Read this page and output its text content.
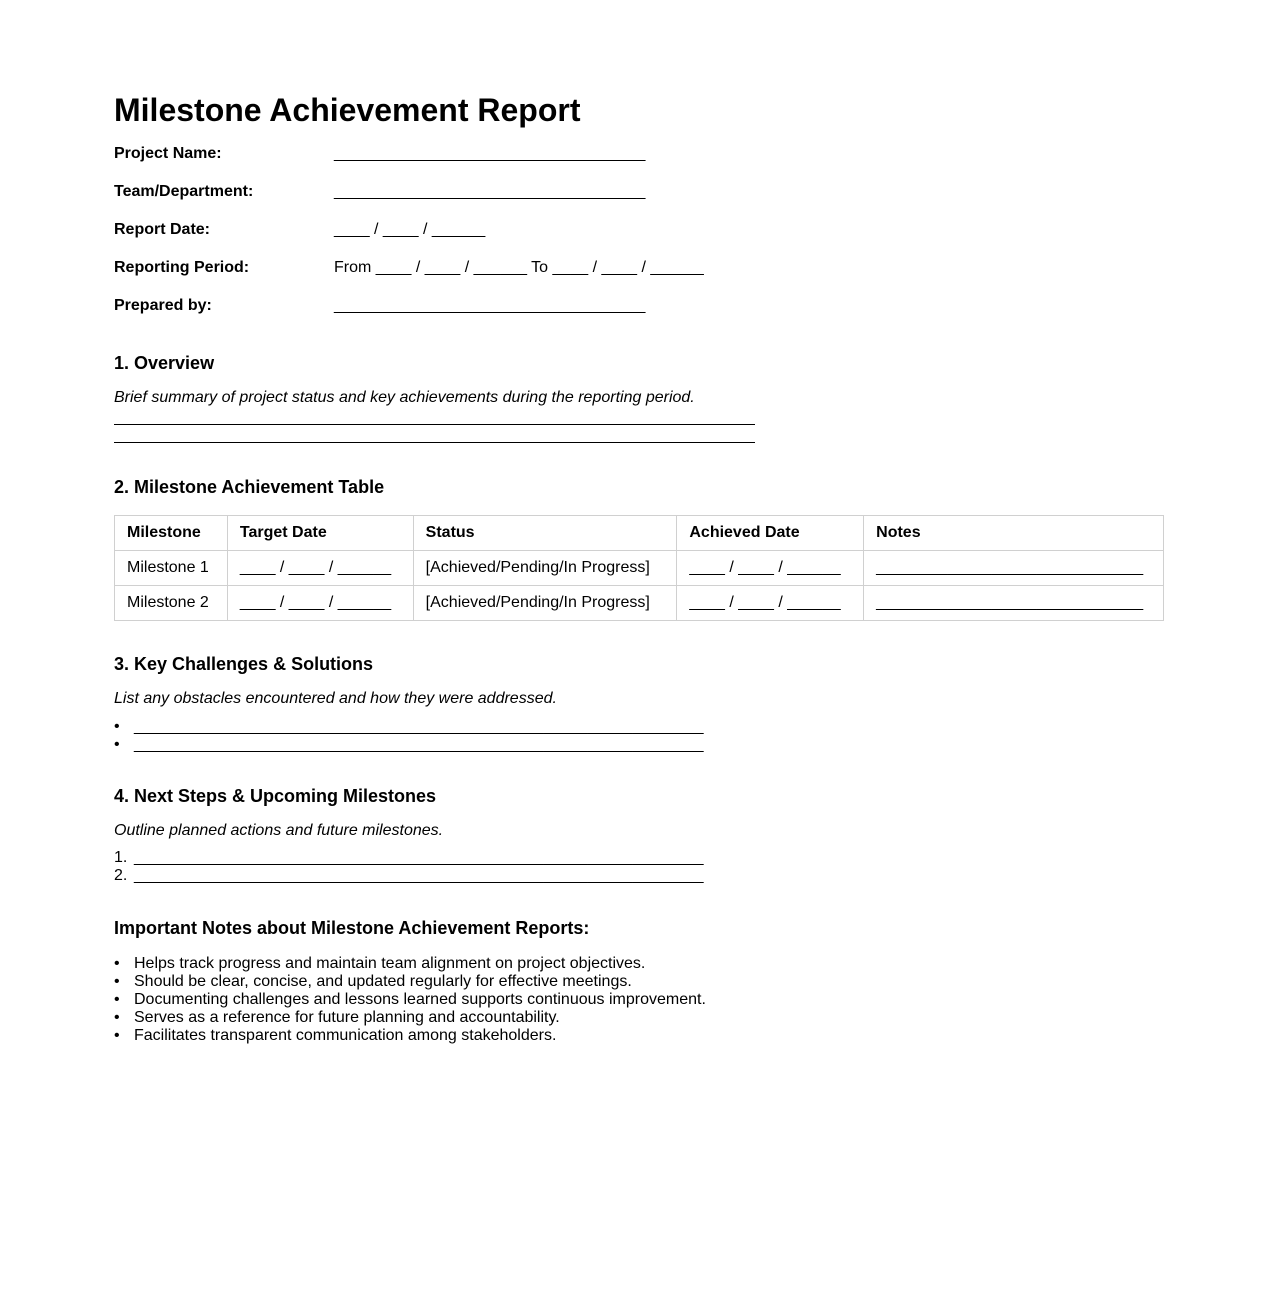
Milestone Achievement Report
Project Name:	___________________________________
Team/Department:	___________________________________
Report Date:	____ / ____ / ______
Reporting Period:	From ____ / ____ / ______ To ____ / ____ / ______
Prepared by:	___________________________________
1. Overview

Brief summary of project status and key achievements during the reporting period.

2. Milestone Achievement Table
Milestone	Target Date	Status	Achieved Date	Notes
Milestone 1	____ / ____ / ______	[Achieved/Pending/In Progress]	____ / ____ / ______	______________________________
Milestone 2	____ / ____ / ______	[Achieved/Pending/In Progress]	____ / ____ / ______	______________________________
3. Key Challenges & Solutions

List any obstacles encountered and how they were addressed.

• ________________________________________________________________
• ________________________________________________________________
4. Next Steps & Upcoming Milestones

Outline planned actions and future milestones.

1. ________________________________________________________________
2. ________________________________________________________________
Important Notes about Milestone Achievement Reports:
• Helps track progress and maintain team alignment on project objectives.
• Should be clear, concise, and updated regularly for effective meetings.
• Documenting challenges and lessons learned supports continuous improvement.
• Serves as a reference for future planning and accountability.
• Facilitates transparent communication among stakeholders.
